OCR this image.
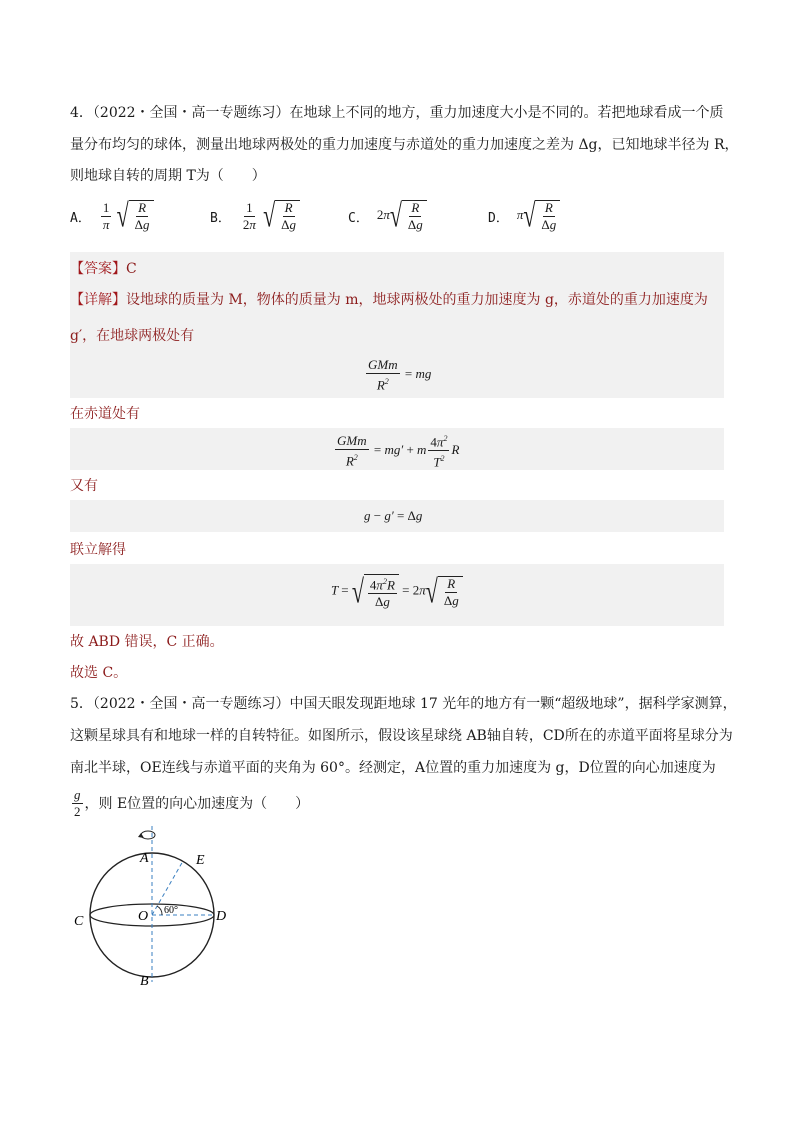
4．（2022・全国・高一专题练习）在地球上不同的地方，重力加速度大小是不同的。若把地球看成一个质
量分布均匀的球体，测量出地球两极处的重力加速度与赤道处的重力加速度之差为 Δg，已知地球半径为 R，
则地球自转的周期 T为（　　）
A． $\frac{1}{\pi}$
√ $\frac{R}{\Delta g}$	B． $\frac{1}{2\pi}$
√ $\frac{R}{\Delta g}$	C． 2π √ $\frac{R}{\Delta g}$	D． π √ $\frac{R}{\Delta g}$
【答案】C
【详解】设地球的质量为 M，物体的质量为 m，地球两极处的重力加速度为 g，赤道处的重力加速度为
g′，在地球两极处有
$\frac{\text{GMm}}{R^2}$ = mg
在赤道处有
$\frac{\text{GMm}}{R^2} = mg' + m \frac{4\pi^2}{T^2}$ R
又有
g − g′ = Δg
联立解得
T = √ $\frac{4\pi^2R}{\Delta g} = 2\pi$ √ $\frac{R}{\Delta g}$
故 ABD 错误，C 正确。
故选 C。
5．（2022・全国・高一专题练习）中国天眼发现距地球 17 光年的地方有一颗“超级地球”，据科学家测算，
这颗星球具有和地球一样的自转特征。如图所示，假设该星球绕 AB轴自转，CD所在的赤道平面将星球分为
南北半球，OE连线与赤道平面的夹角为 60°。经测定，A位置的重力加速度为 g，D位置的向心加速度为
$\frac{g}{2}$ ，则 E位置的向心加速度为（　　）
A	E
C	O	D
B
60°
